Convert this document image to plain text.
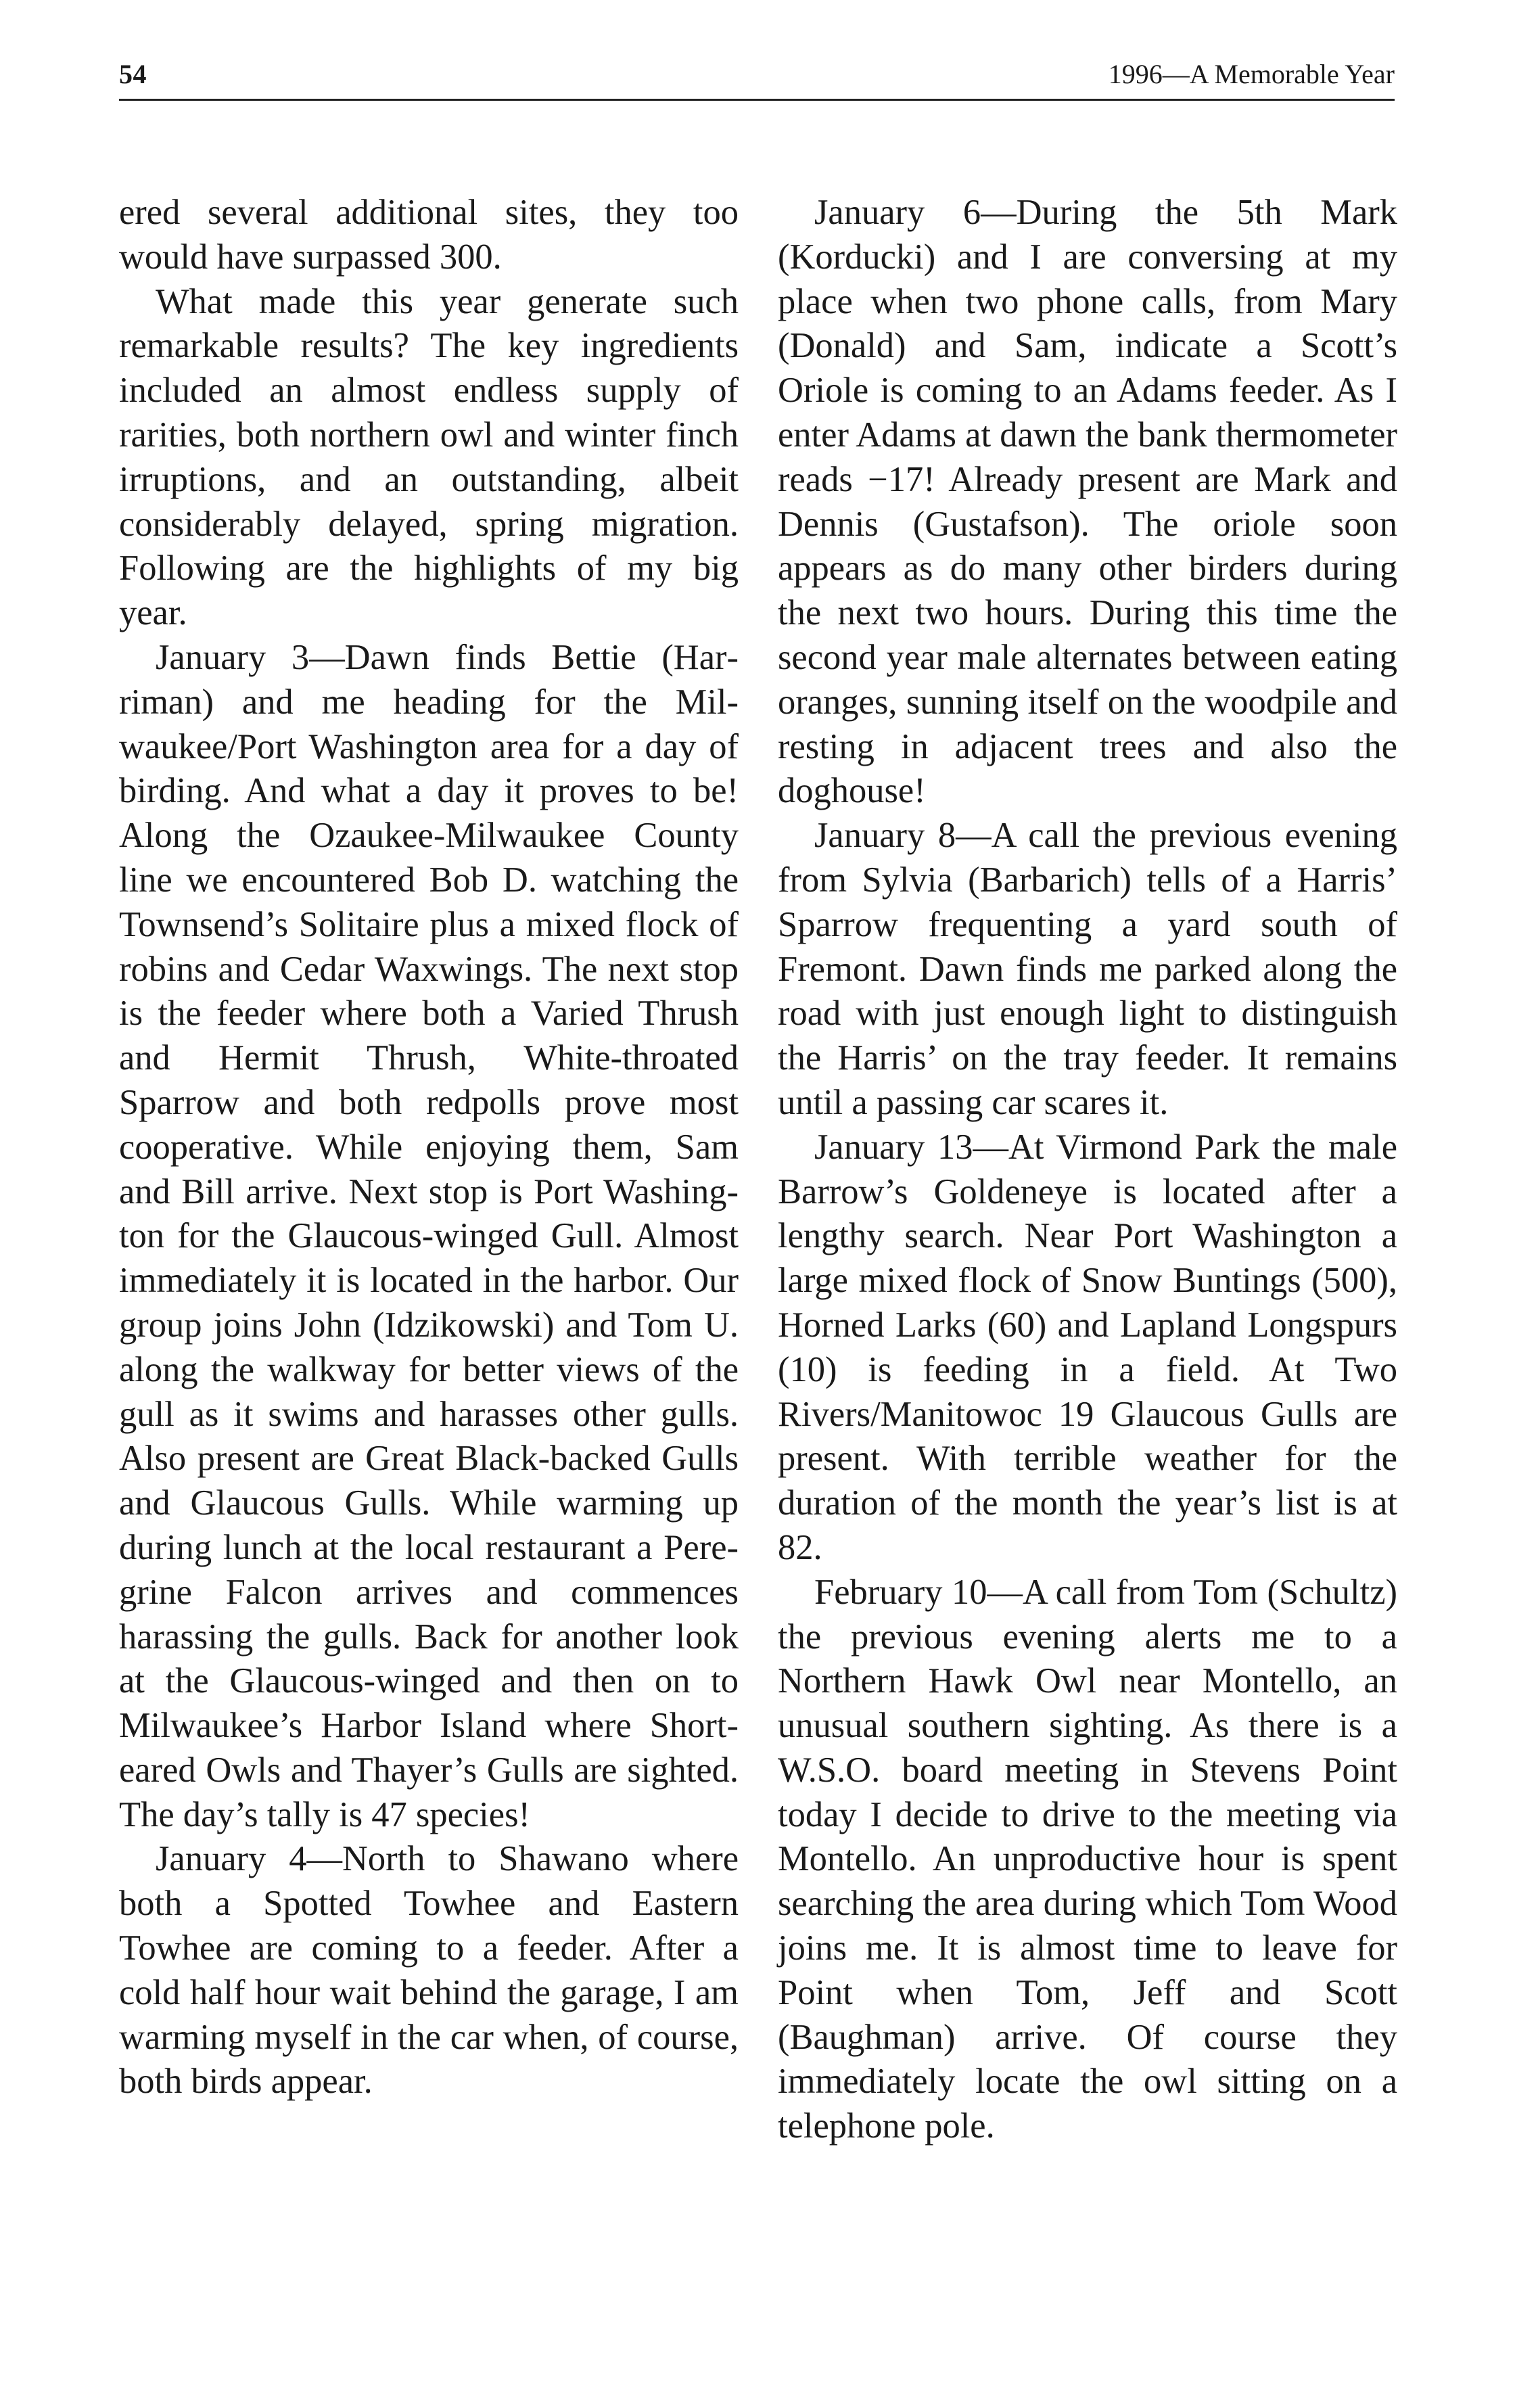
54	1996—A Memorable Year

ered several additional sites, they too would have surpassed 300.

What made this year generate such remarkable results? The key ingredients included an almost endless supply of rarities, both northern owl and winter finch irruptions, and an outstanding, albeit considerably delayed, spring migration. Following are the highlights of my big year.

January 3—Dawn finds Bettie (Harriman) and me heading for the Milwaukee/Port Washington area for a day of birding. And what a day it proves to be! Along the Ozaukee-Milwaukee County line we encountered Bob D. watching the Townsend’s Solitaire plus a mixed flock of robins and Cedar Waxwings. The next stop is the feeder where both a Varied Thrush and Hermit Thrush, White-throated Sparrow and both redpolls prove most cooperative. While enjoying them, Sam and Bill arrive. Next stop is Port Washington for the Glaucous-winged Gull. Almost immediately it is located in the harbor. Our group joins John (Idzikowski) and Tom U. along the walkway for better views of the gull as it swims and harasses other gulls. Also present are Great Black-backed Gulls and Glaucous Gulls. While warming up during lunch at the local restaurant a Peregrine Falcon arrives and commences harassing the gulls. Back for another look at the Glaucous-winged and then on to Milwaukee’s Harbor Island where Short-eared Owls and Thayer’s Gulls are sighted. The day’s tally is 47 species!

January 4—North to Shawano where both a Spotted Towhee and Eastern Towhee are coming to a feeder. After a cold half hour wait behind the garage, I am warming myself in the car when, of course, both birds appear.

January 6—During the 5th Mark (Korducki) and I are conversing at my place when two phone calls, from Mary (Donald) and Sam, indicate a Scott’s Oriole is coming to an Adams feeder. As I enter Adams at dawn the bank thermometer reads −17! Already present are Mark and Dennis (Gustafson). The oriole soon appears as do many other birders during the next two hours. During this time the second year male alternates between eating oranges, sunning itself on the woodpile and resting in adjacent trees and also the doghouse!

January 8—A call the previous evening from Sylvia (Barbarich) tells of a Harris’ Sparrow frequenting a yard south of Fremont. Dawn finds me parked along the road with just enough light to distinguish the Harris’ on the tray feeder. It remains until a passing car scares it.

January 13—At Virmond Park the male Barrow’s Goldeneye is located after a lengthy search. Near Port Washington a large mixed flock of Snow Buntings (500), Horned Larks (60) and Lapland Longspurs (10) is feeding in a field. At Two Rivers/Manitowoc 19 Glaucous Gulls are present. With terrible weather for the duration of the month the year’s list is at 82.

February 10—A call from Tom (Schultz) the previous evening alerts me to a Northern Hawk Owl near Montello, an unusual southern sighting. As there is a W.S.O. board meeting in Stevens Point today I decide to drive to the meeting via Montello. An unproductive hour is spent searching the area during which Tom Wood joins me. It is almost time to leave for Point when Tom, Jeff and Scott (Baughman) arrive. Of course they immediately locate the owl sitting on a telephone pole.
